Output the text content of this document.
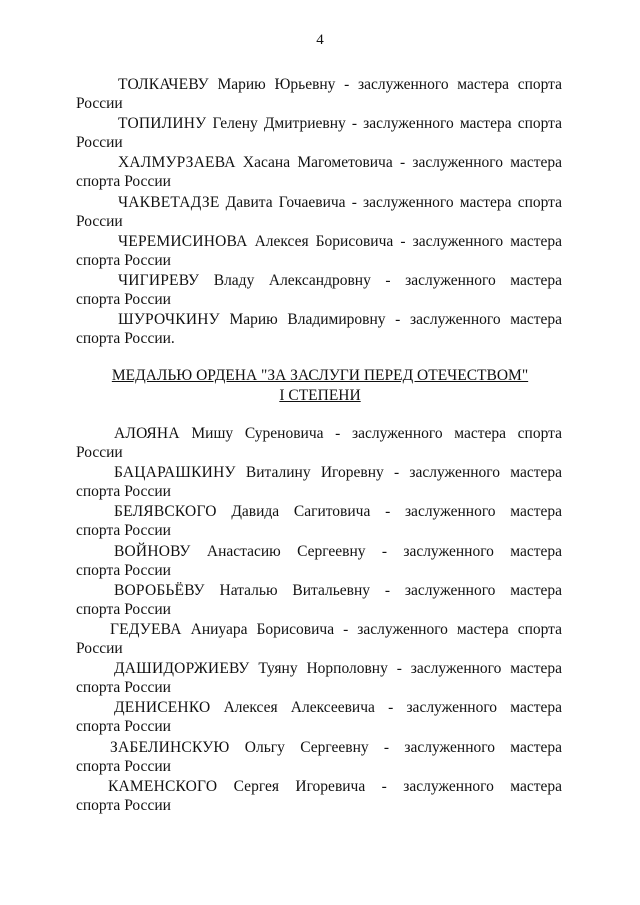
4
ТОЛКАЧЕВУ Марию Юрьевну - заслуженного мастера спорта
России
ТОПИЛИНУ Гелену Дмитриевну - заслуженного мастера спорта
России
ХАЛМУРЗАЕВА Хасана Магометовича - заслуженного мастера
спорта России
ЧАКВЕТАДЗЕ Давита Гочаевича - заслуженного мастера спорта
России
ЧЕРЕМИСИНОВА Алексея Борисовича - заслуженного мастера
спорта России
ЧИГИРЕВУ Владу Александровну - заслуженного мастера
спорта России
ШУРОЧКИНУ Марию Владимировну - заслуженного мастера
спорта России.
МЕДАЛЬЮ ОРДЕНА "ЗА ЗАСЛУГИ ПЕРЕД ОТЕЧЕСТВОМ"
I СТЕПЕНИ
АЛОЯНА Мишу Суреновича - заслуженного мастера спорта
России
БАЦАРАШКИНУ Виталину Игоревну - заслуженного мастера
спорта России
БЕЛЯВСКОГО Давида Сагитовича - заслуженного мастера
спорта России
ВОЙНОВУ Анастасию Сергеевну - заслуженного мастера
спорта России
ВОРОБЬЁВУ Наталью Витальевну - заслуженного мастера
спорта России
ГЕДУЕВА Аниуара Борисовича - заслуженного мастера спорта
России
ДАШИДОРЖИЕВУ Туяну Норполовну - заслуженного мастера
спорта России
ДЕНИСЕНКО Алексея Алексеевича - заслуженного мастера
спорта России
ЗАБЕЛИНСКУЮ Ольгу Сергеевну - заслуженного мастера
спорта России
КАМЕНСКОГО Сергея Игоревича - заслуженного мастера
спорта России
